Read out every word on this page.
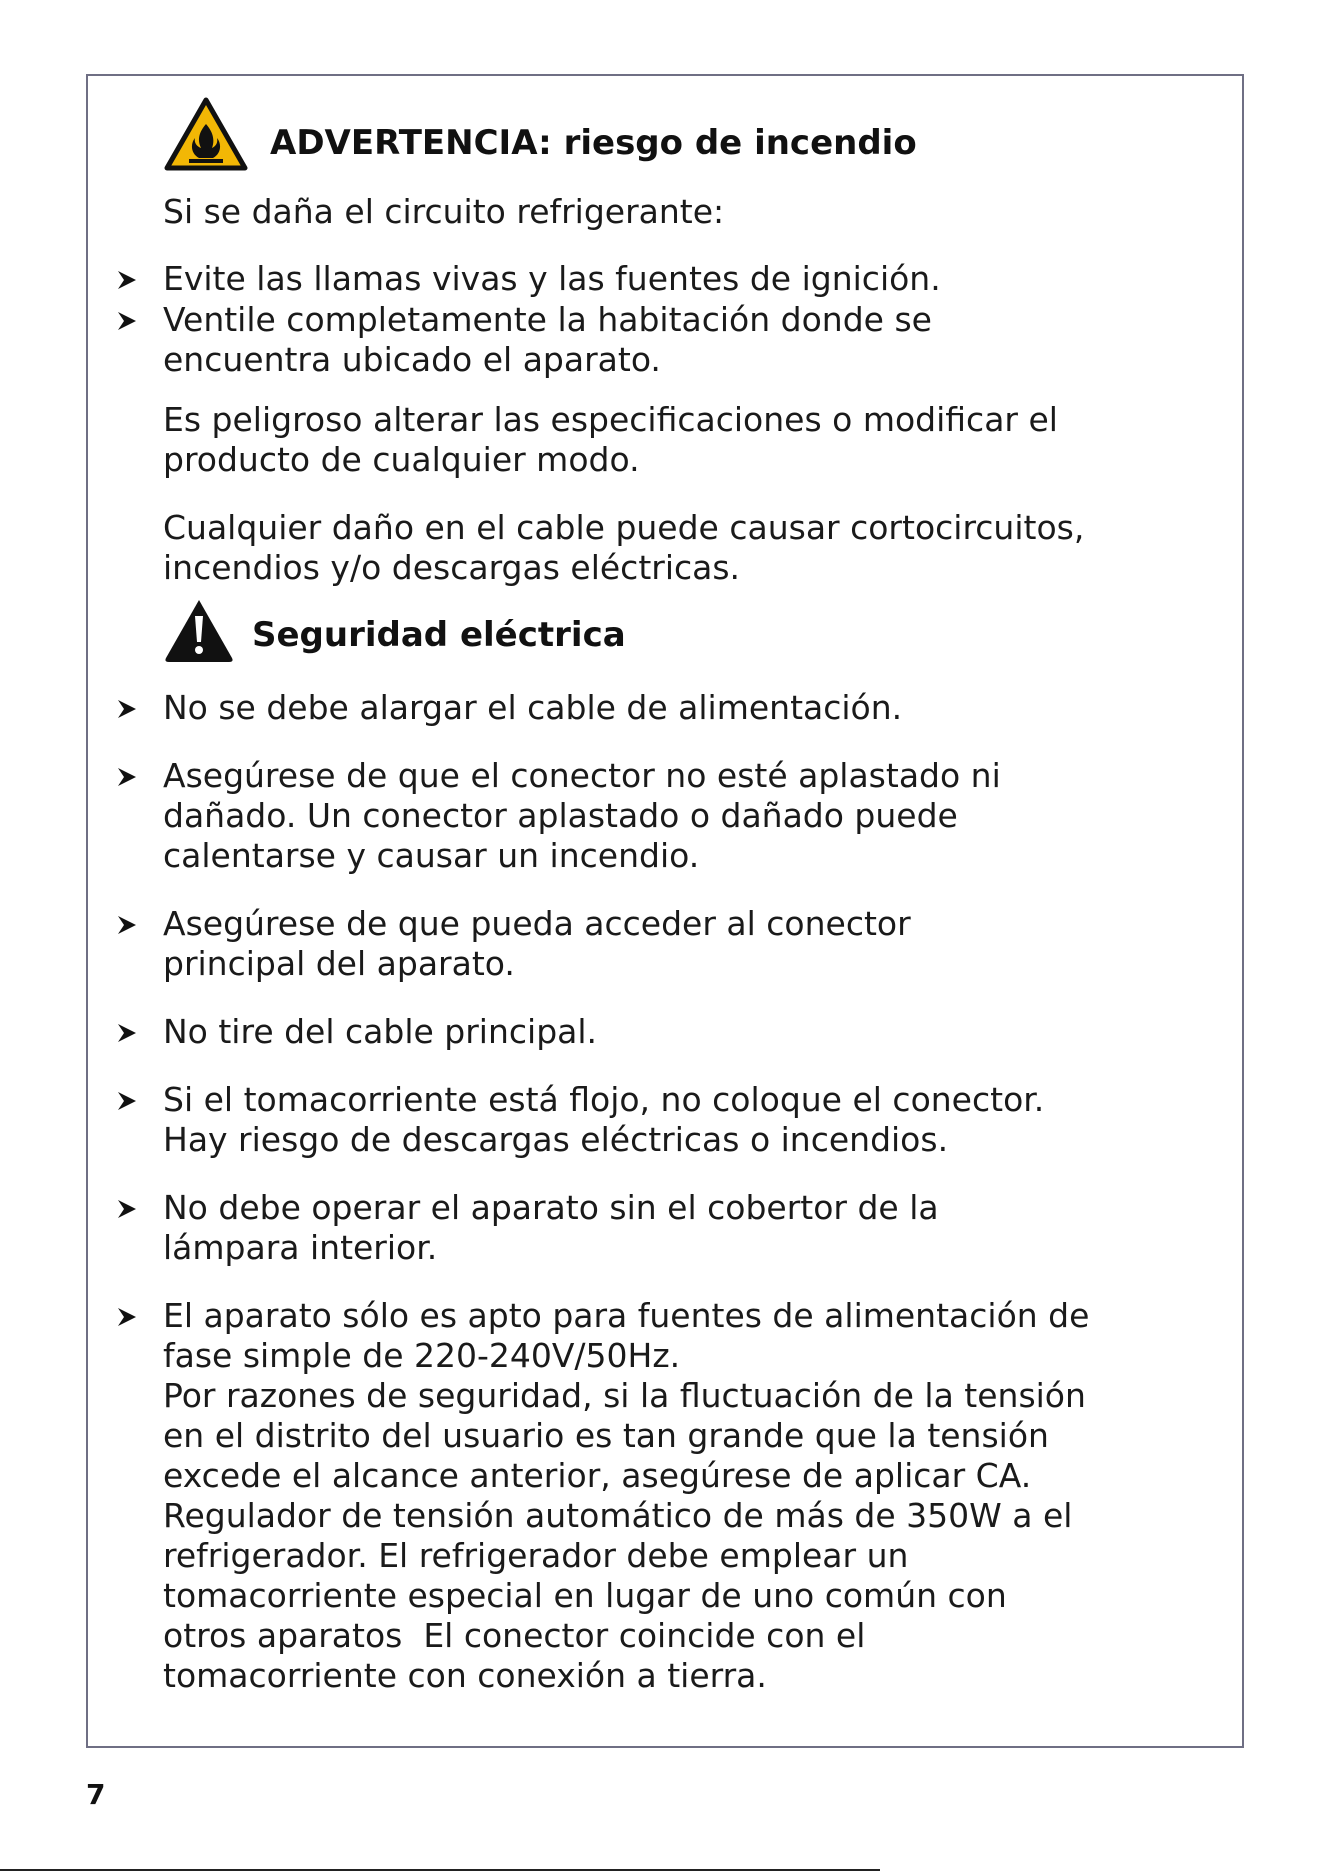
ADVERTENCIA: riesgo de incendio
Si se daña el circuito refrigerante:
Evite las llamas vivas y las fuentes de ignición.
Ventile completamente la habitación donde se
encuentra ubicado el aparato.
Es peligroso alterar las especificaciones o modificar el
producto de cualquier modo.
Cualquier daño en el cable puede causar cortocircuitos,
incendios y/o descargas eléctricas.
Seguridad eléctrica
No se debe alargar el cable de alimentación.
Asegúrese de que el conector no esté aplastado ni
dañado. Un conector aplastado o dañado puede
calentarse y causar un incendio.
Asegúrese de que pueda acceder al conector
principal del aparato.
No tire del cable principal.
Si el tomacorriente está flojo, no coloque el conector.
Hay riesgo de descargas eléctricas o incendios.
No debe operar el aparato sin el cobertor de la
lámpara interior.
El aparato sólo es apto para fuentes de alimentación de
fase simple de 220-240V/50Hz.
Por razones de seguridad, si la fluctuación de la tensión
en el distrito del usuario es tan grande que la tensión
excede el alcance anterior, asegúrese de aplicar CA.
Regulador de tensión automático de más de 350W a el
refrigerador. El refrigerador debe emplear un
tomacorriente especial en lugar de uno común con
otros aparatos  El conector coincide con el
tomacorriente con conexión a tierra.
7
